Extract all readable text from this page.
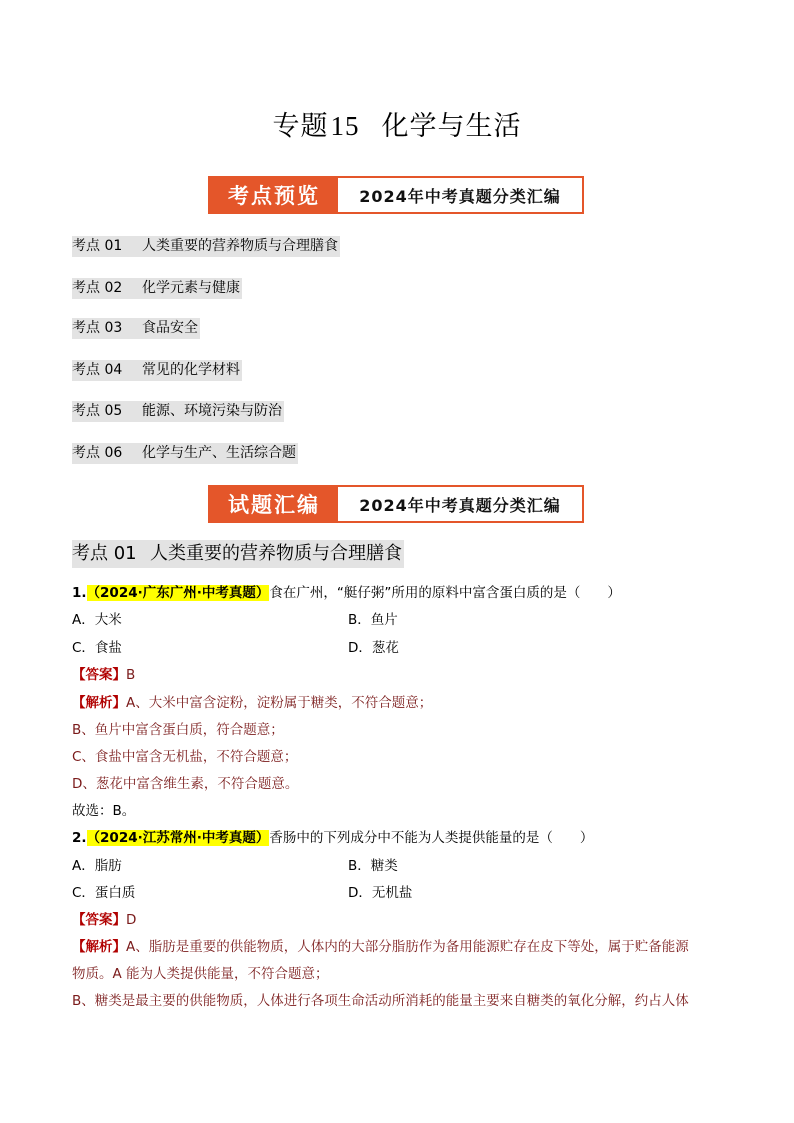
专题15 化学与生活
考点预览	2024年中考真题分类汇编
考点 01 人类重要的营养物质与合理膳食
考点 02 化学元素与健康
考点 03 食品安全
考点 04 常见的化学材料
考点 05 能源、环境污染与防治
考点 06 化学与生产、生活综合题
试题汇编	2024年中考真题分类汇编
考点 01 人类重要的营养物质与合理膳食
1.（2024·广东广州·中考真题）食在广州，“艇仔粥”所用的原料中富含蛋白质的是（　　）
A．大米	B．鱼片
C．食盐	D．葱花
【答案】B
【解析】A、大米中富含淀粉，淀粉属于糖类，不符合题意；
B、鱼片中富含蛋白质，符合题意；
C、食盐中富含无机盐，不符合题意；
D、葱花中富含维生素，不符合题意。
故选：B。
2.（2024·江苏常州·中考真题）香肠中的下列成分中不能为人类提供能量的是（　　）
A．脂肪	B．糖类
C．蛋白质	D．无机盐
【答案】D
【解析】A、脂肪是重要的供能物质，人体内的大部分脂肪作为备用能源贮存在皮下等处，属于贮备能源
物质。A 能为人类提供能量，不符合题意；
B、糖类是最主要的供能物质，人体进行各项生命活动所消耗的能量主要来自糖类的氧化分解，约占人体
